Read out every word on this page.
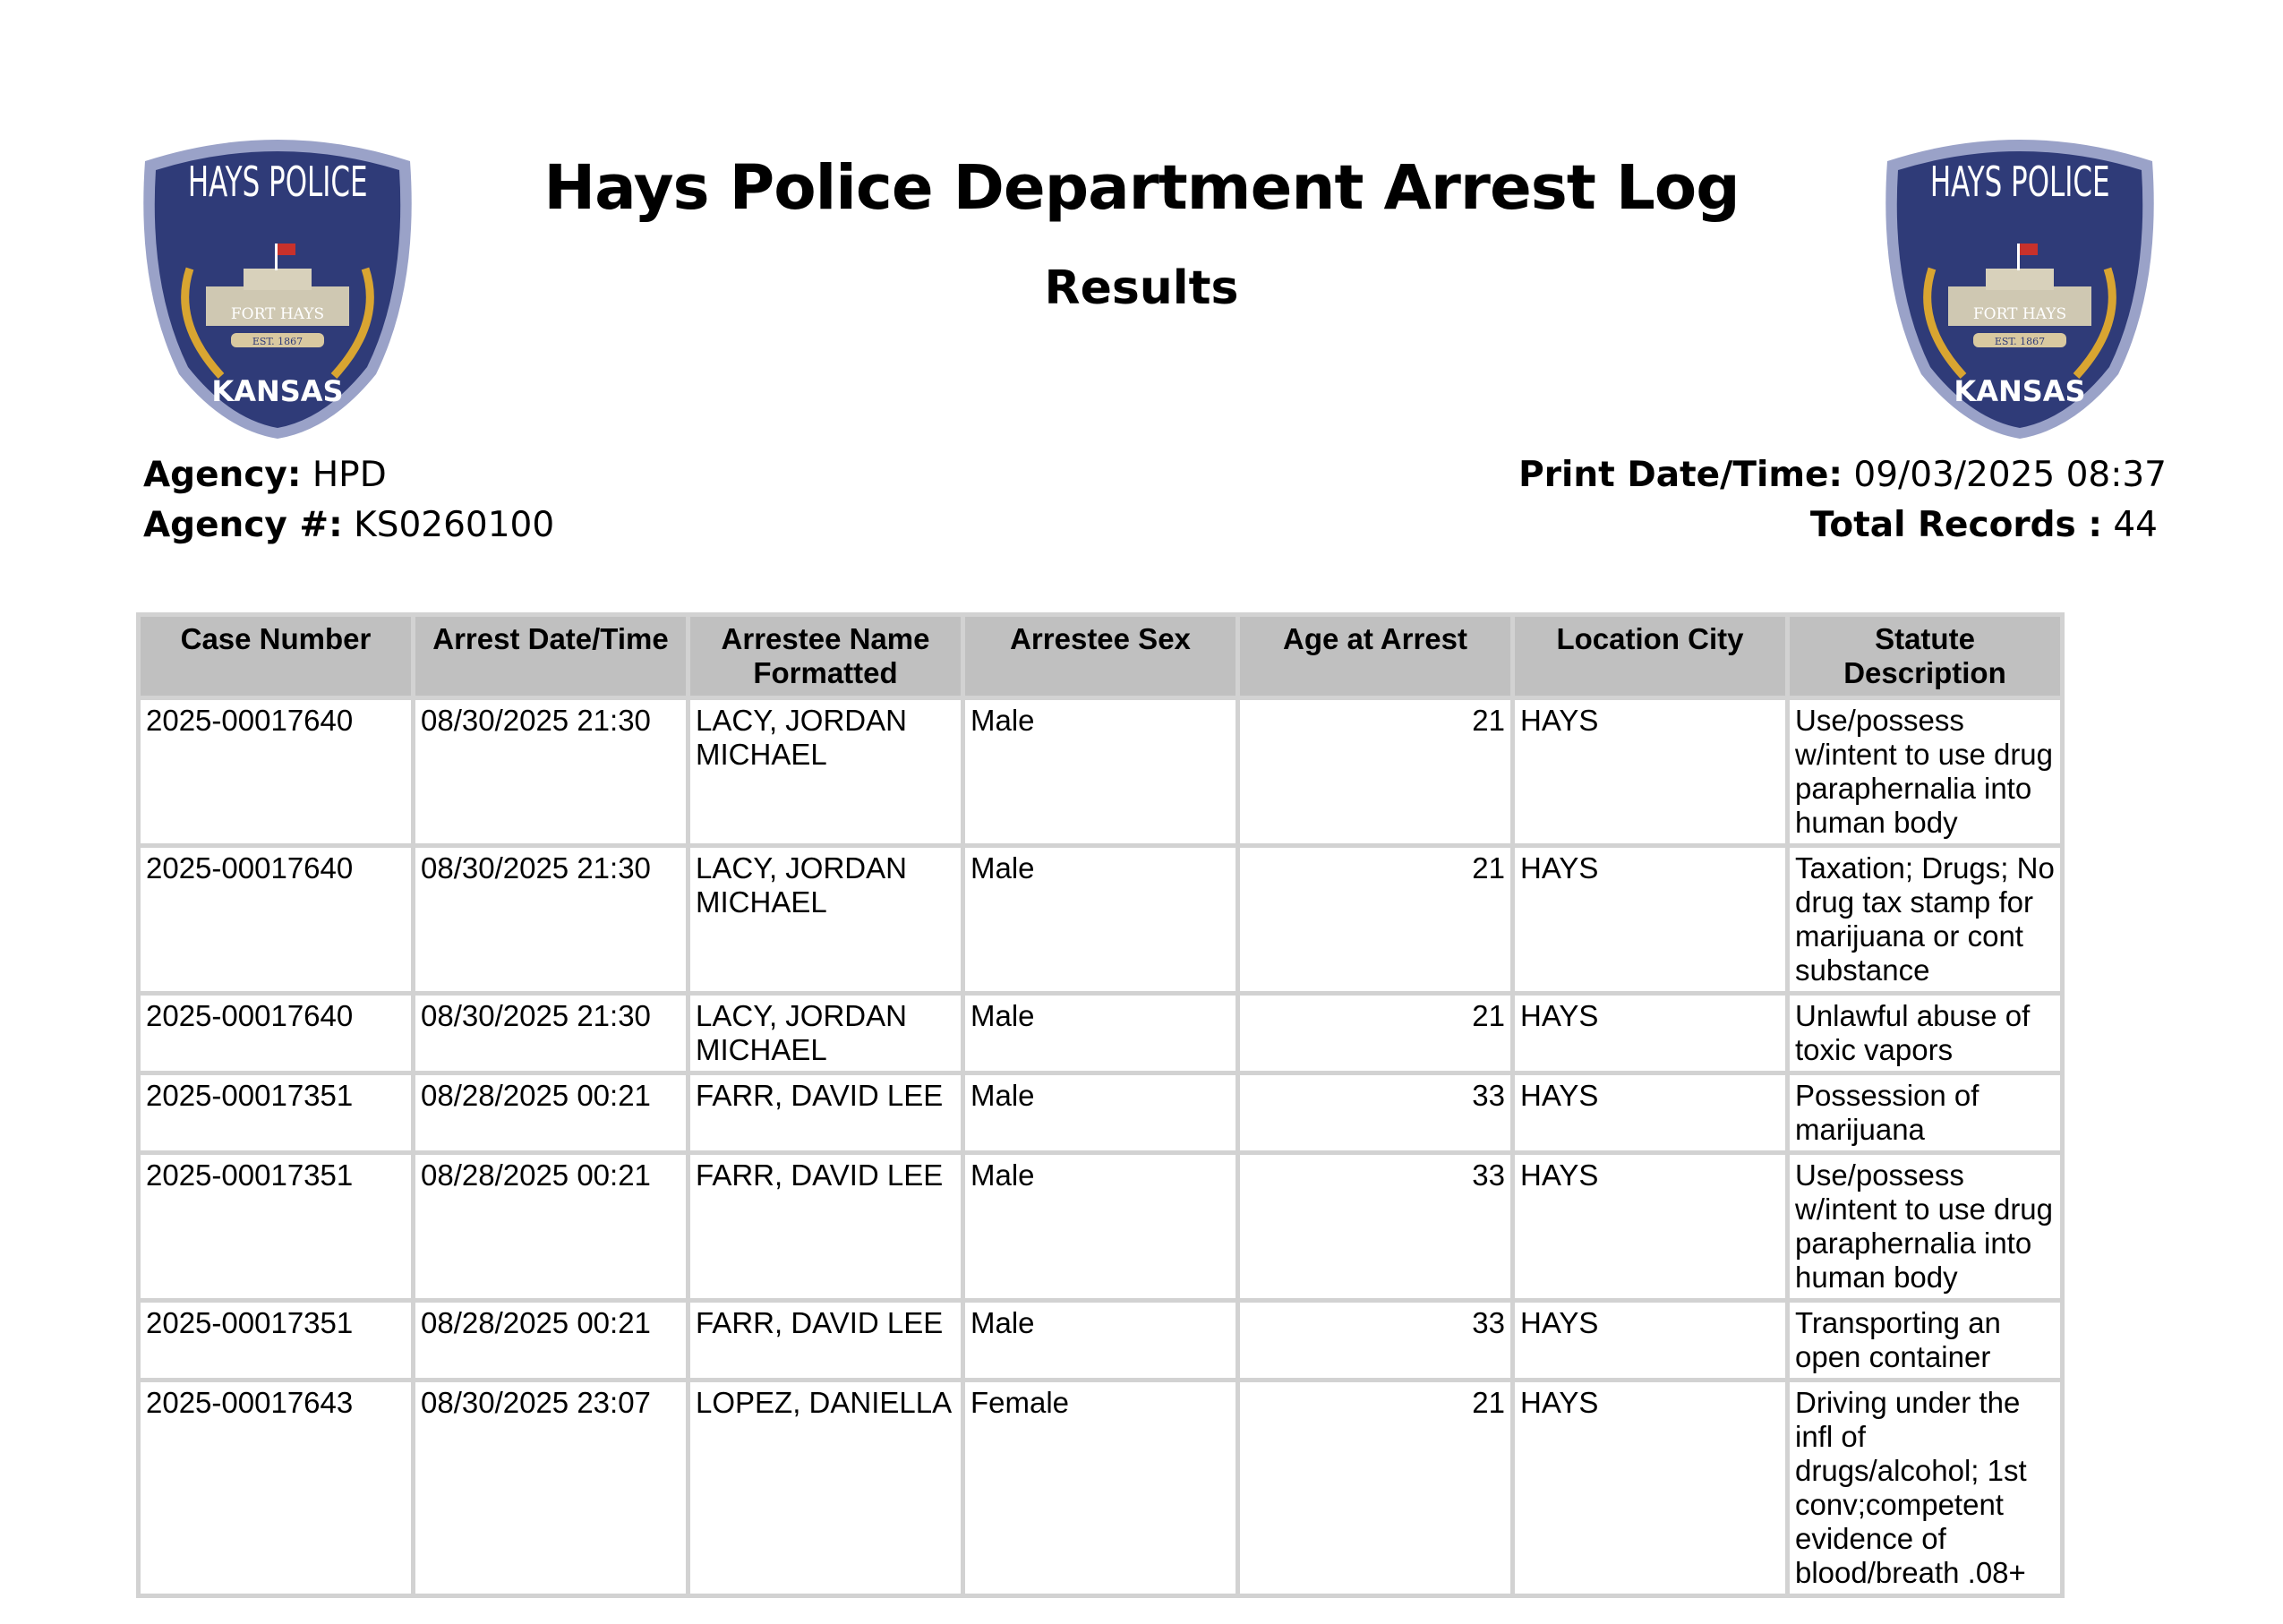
HAYS POLICE
FORT HAYS
EST. 1867
KANSAS
HAYS POLICE
FORT HAYS
EST. 1867
KANSAS
Hays Police Department Arrest Log
Results
Agency: HPD
Agency #: KS0260100
Print Date/Time: 09/03/2025 08:37
Total Records : 44
Case Number	Arrest Date/Time	Arrestee Name Formatted	Arrestee Sex	Age at Arrest	Location City	Statute Description
2025-00017640	08/30/2025 21:30	LACY, JORDAN MICHAEL	Male	21	HAYS	Use/possess w/intent to use drug paraphernalia into human body
2025-00017640	08/30/2025 21:30	LACY, JORDAN MICHAEL	Male	21	HAYS	Taxation; Drugs; No drug tax stamp for marijuana or cont substance
2025-00017640	08/30/2025 21:30	LACY, JORDAN MICHAEL	Male	21	HAYS	Unlawful abuse of toxic vapors
2025-00017351	08/28/2025 00:21	FARR, DAVID LEE	Male	33	HAYS	Possession of marijuana
2025-00017351	08/28/2025 00:21	FARR, DAVID LEE	Male	33	HAYS	Use/possess w/intent to use drug paraphernalia into human body
2025-00017351	08/28/2025 00:21	FARR, DAVID LEE	Male	33	HAYS	Transporting an open container
2025-00017643	08/30/2025 23:07	LOPEZ, DANIELLA	Female	21	HAYS	Driving under the infl of drugs/alcohol; 1st conv;competent evidence of blood/breath .08+
